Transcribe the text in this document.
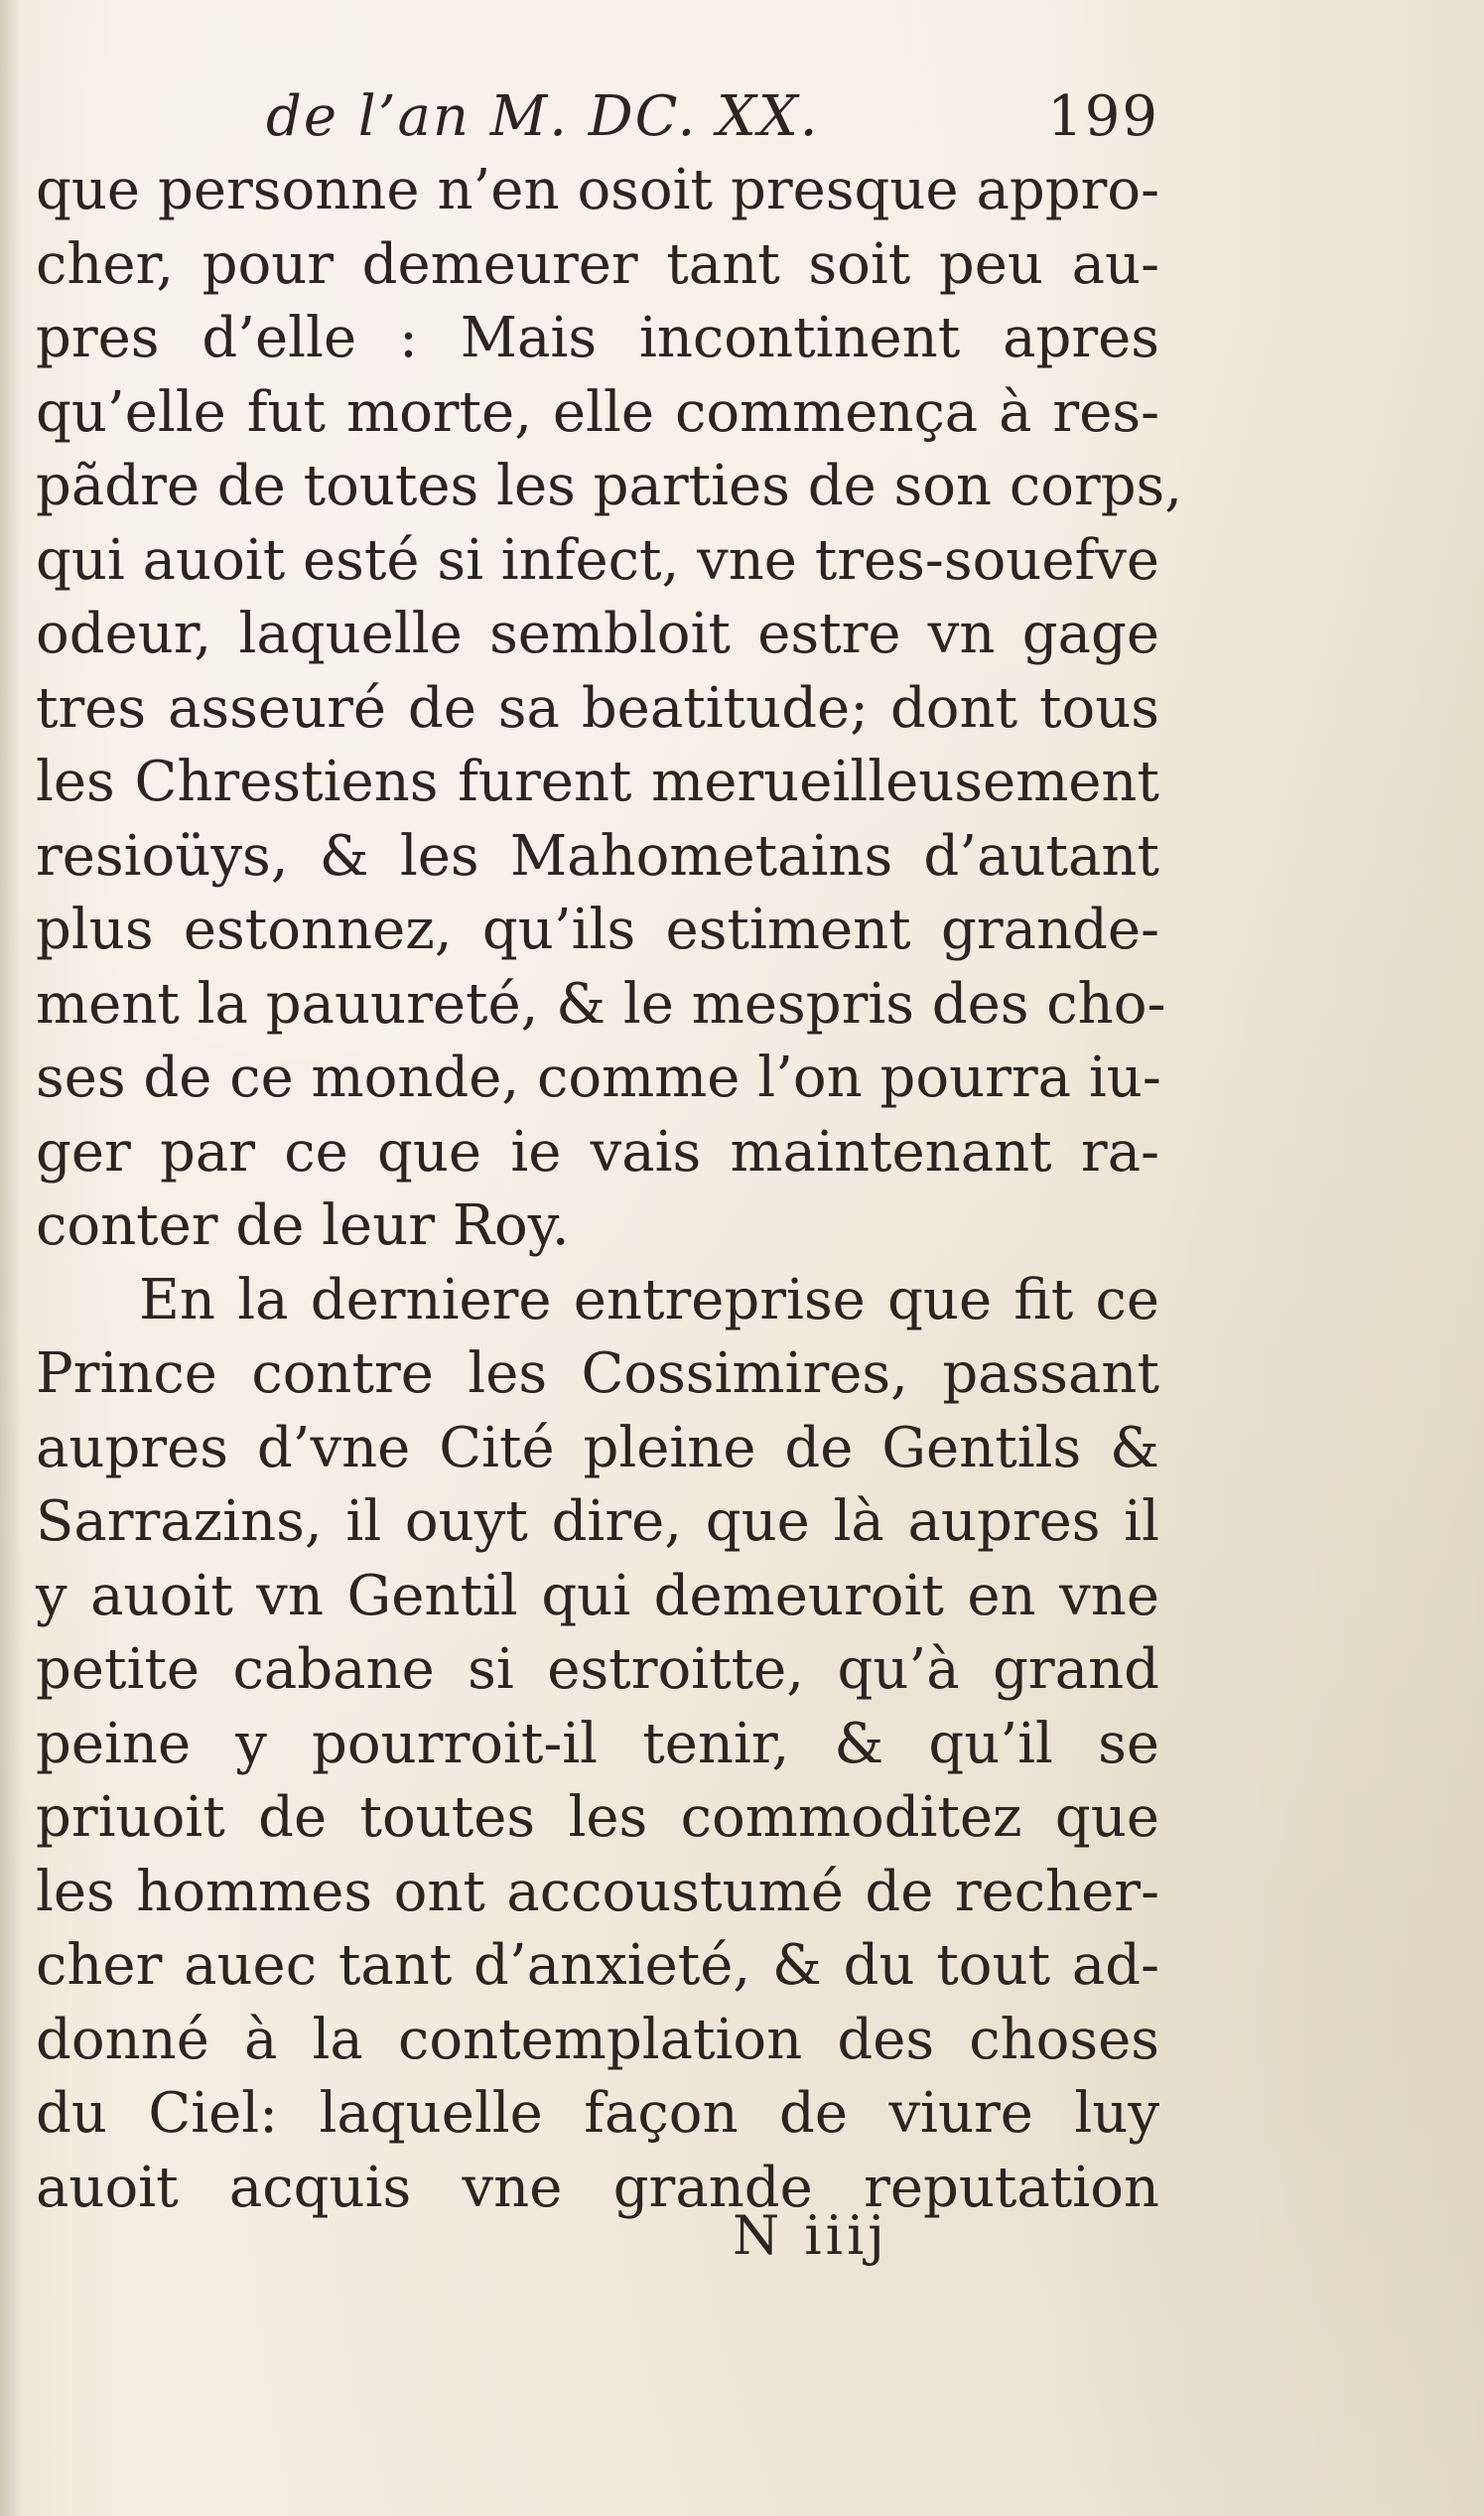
de l’an M. DC. XX.	199
que personne n’en osoit presque appro-
cher, pour demeurer tant soit peu au-
pres d’elle : Mais incontinent apres
qu’elle fut morte, elle commença à res-
pãdre de toutes les parties de son corps,
qui auoit esté si infect, vne tres-souefve
odeur, laquelle sembloit estre vn gage
tres asseuré de sa beatitude; dont tous
les Chrestiens furent merueilleusement
resioüys, & les Mahometains d’autant
plus estonnez, qu’ils estiment grande-
ment la pauureté, & le mespris des cho-
ses de ce monde, comme l’on pourra iu-
ger par ce que ie vais maintenant ra-
conter de leur Roy.
En la derniere entreprise que fit ce
Prince contre les Cossimires, passant
aupres d’vne Cité pleine de Gentils &
Sarrazins, il ouyt dire, que là aupres il
y auoit vn Gentil qui demeuroit en vne
petite cabane si estroitte, qu’à grand
peine y pourroit-il tenir, & qu’il se
priuoit de toutes les commoditez que
les hommes ont accoustumé de recher-
cher auec tant d’anxieté, & du tout ad-
donné à la contemplation des choses
du Ciel: laquelle façon de viure luy
auoit acquis vne grande reputation
N iiij
